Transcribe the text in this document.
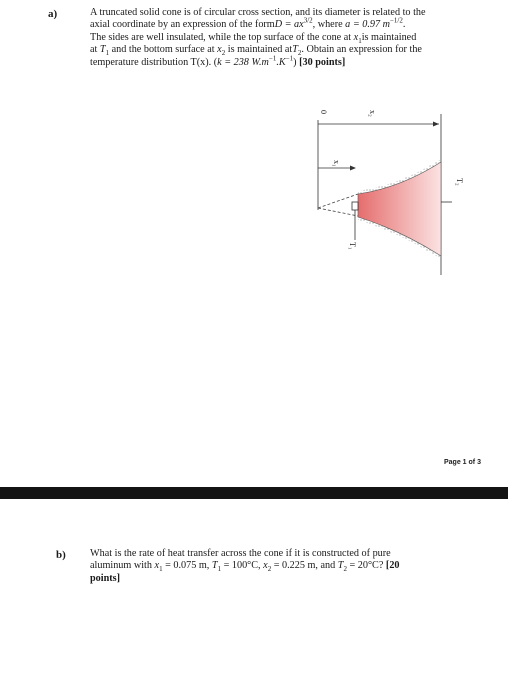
a)	A truncated solid cone is of circular cross section, and its diameter is related to the
axial coordinate by an expression of the formD = $ax^{3/2}$, where a = 0.97 $m^{-1/2}$.
The sides are well insulated, while the top surface of the cone at $x_1is$ maintained
at $T_1$ and the bottom surface at $x_2$ is maintained atT$_2$. Obtain an expression for the
temperature distribution T(x). (k = 238 $W.m^{-1}.K^{-1}$) [30 points]
0	x₂
x₁
T₁
T₂
Page 1 of 3
b) What is the rate of heat transfer across the cone if it is constructed of pure
aluminum with $x_1 = 0.075$ m, $T_1 = 100^\circ C$, $x_2 = 0.225$ m, and $T_2 = 20^\circ C$? [20
points]
